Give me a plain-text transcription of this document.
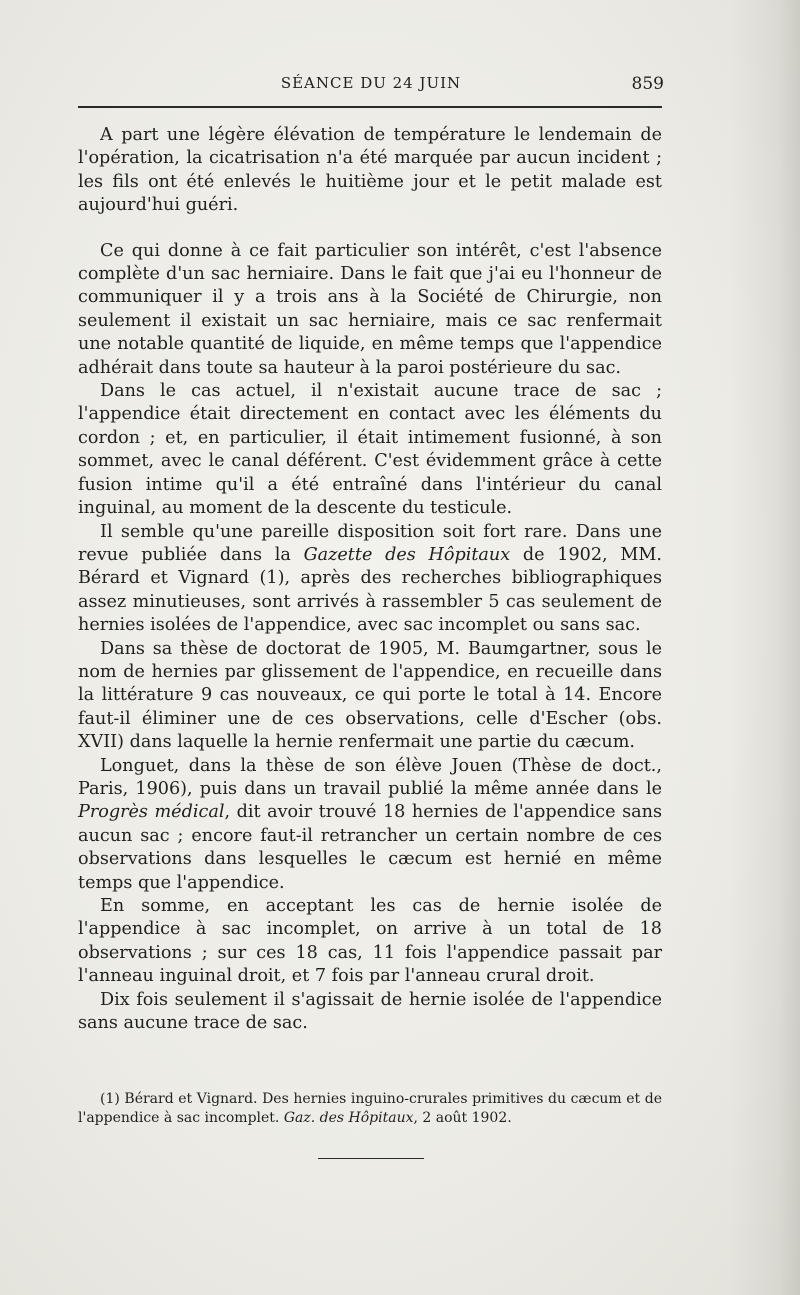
SÉANCE DU 24 JUIN	859

A part une légère élévation de température le lendemain de l'opération, la cicatrisation n'a été marquée par aucun incident ; les fils ont été enlevés le huitième jour et le petit malade est aujourd'hui guéri.

Ce qui donne à ce fait particulier son intérêt, c'est l'absence complète d'un sac herniaire. Dans le fait que j'ai eu l'honneur de communiquer il y a trois ans à la Société de Chirurgie, non seulement il existait un sac herniaire, mais ce sac renfermait une notable quantité de liquide, en même temps que l'appendice adhérait dans toute sa hauteur à la paroi postérieure du sac.

Dans le cas actuel, il n'existait aucune trace de sac ; l'appendice était directement en contact avec les éléments du cordon ; et, en particulier, il était intimement fusionné, à son sommet, avec le canal déférent. C'est évidemment grâce à cette fusion intime qu'il a été entraîné dans l'intérieur du canal inguinal, au moment de la descente du testicule.

Il semble qu'une pareille disposition soit fort rare. Dans une revue publiée dans la Gazette des Hôpitaux de 1902, MM. Bérard et Vignard (1), après des recherches bibliographiques assez minutieuses, sont arrivés à rassembler 5 cas seulement de hernies isolées de l'appendice, avec sac incomplet ou sans sac.

Dans sa thèse de doctorat de 1905, M. Baumgartner, sous le nom de hernies par glissement de l'appendice, en recueille dans la littérature 9 cas nouveaux, ce qui porte le total à 14. Encore faut-il éliminer une de ces observations, celle d'Escher (obs. XVII) dans laquelle la hernie renfermait une partie du cæcum.

Longuet, dans la thèse de son élève Jouen (Thèse de doct., Paris, 1906), puis dans un travail publié la même année dans le Progrès médical, dit avoir trouvé 18 hernies de l'appendice sans aucun sac ; encore faut-il retrancher un certain nombre de ces observations dans lesquelles le cæcum est hernié en même temps que l'appendice.

En somme, en acceptant les cas de hernie isolée de l'appendice à sac incomplet, on arrive à un total de 18 observations ; sur ces 18 cas, 11 fois l'appendice passait par l'anneau inguinal droit, et 7 fois par l'anneau crural droit.

Dix fois seulement il s'agissait de hernie isolée de l'appendice sans aucune trace de sac.

(1) Bérard et Vignard. Des hernies inguino-crurales primitives du cæcum et de l'appendice à sac incomplet. Gaz. des Hôpitaux, 2 août 1902.
